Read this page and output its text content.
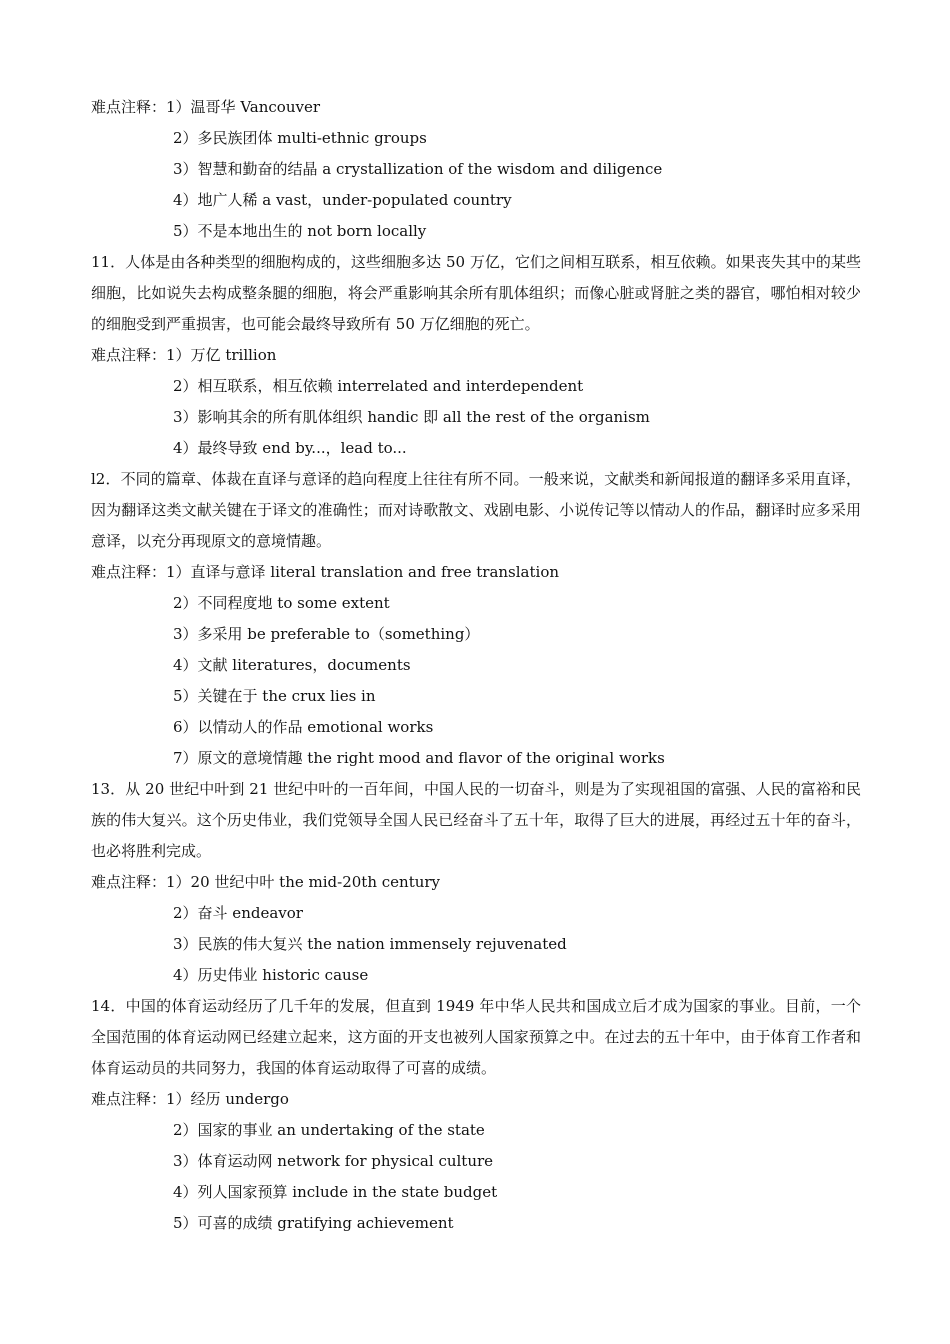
难点注释：1）温哥华 Vancouver
2）多民族团体 multi-ethnic groups
3）智慧和勤奋的结晶 a crystallization of the wisdom and diligence
4）地广人稀 a vast，under-populated country
5）不是本地出生的 not born locally
11．人体是由各种类型的细胞构成的，这些细胞多达 50 万亿，它们之间相互联系，相互依赖。如果丧失其中的某些细胞，比如说失去构成整条腿的细胞，将会严重影响其余所有肌体组织；而像心脏或肾脏之类的器官，哪怕相对较少的细胞受到严重损害，也可能会最终导致所有 50 万亿细胞的死亡。
难点注释：1）万亿 trillion
2）相互联系，相互依赖 interrelated and interdependent
3）影响其余的所有肌体组织 handic 即 all the rest of the organism
4）最终导致 end by...，lead to...
l2．不同的篇章、体裁在直译与意译的趋向程度上往往有所不同。一般来说，文献类和新闻报道的翻译多采用直译，因为翻译这类文献关键在于译文的准确性；而对诗歌散文、戏剧电影、小说传记等以情动人的作品，翻译时应多采用意译，以充分再现原文的意境情趣。
难点注释：1）直译与意译 literal translation and free translation
2）不同程度地 to some extent
3）多采用 be preferable to（something）
4）文献 literatures，documents
5）关键在于 the crux lies in
6）以情动人的作品 emotional works
7）原文的意境情趣 the right mood and flavor of the original works
13．从 20 世纪中叶到 21 世纪中叶的一百年间，中国人民的一切奋斗，则是为了实现祖国的富强、人民的富裕和民族的伟大复兴。这个历史伟业，我们党领导全国人民已经奋斗了五十年，取得了巨大的进展，再经过五十年的奋斗，也必将胜利完成。
难点注释：1）20 世纪中叶 the mid-20th century
2）奋斗 endeavor
3）民族的伟大复兴 the nation immensely rejuvenated
4）历史伟业 historic cause
14．中国的体育运动经历了几千年的发展，但直到 1949 年中华人民共和国成立后才成为国家的事业。目前，一个全国范围的体育运动网已经建立起来，这方面的开支也被列人国家预算之中。在过去的五十年中，由于体育工作者和体育运动员的共同努力，我国的体育运动取得了可喜的成绩。
难点注释：1）经历 undergo
2）国家的事业 an undertaking of the state
3）体育运动网 network for physical culture
4）列人国家预算 include in the state budget
5）可喜的成绩 gratifying achievement
